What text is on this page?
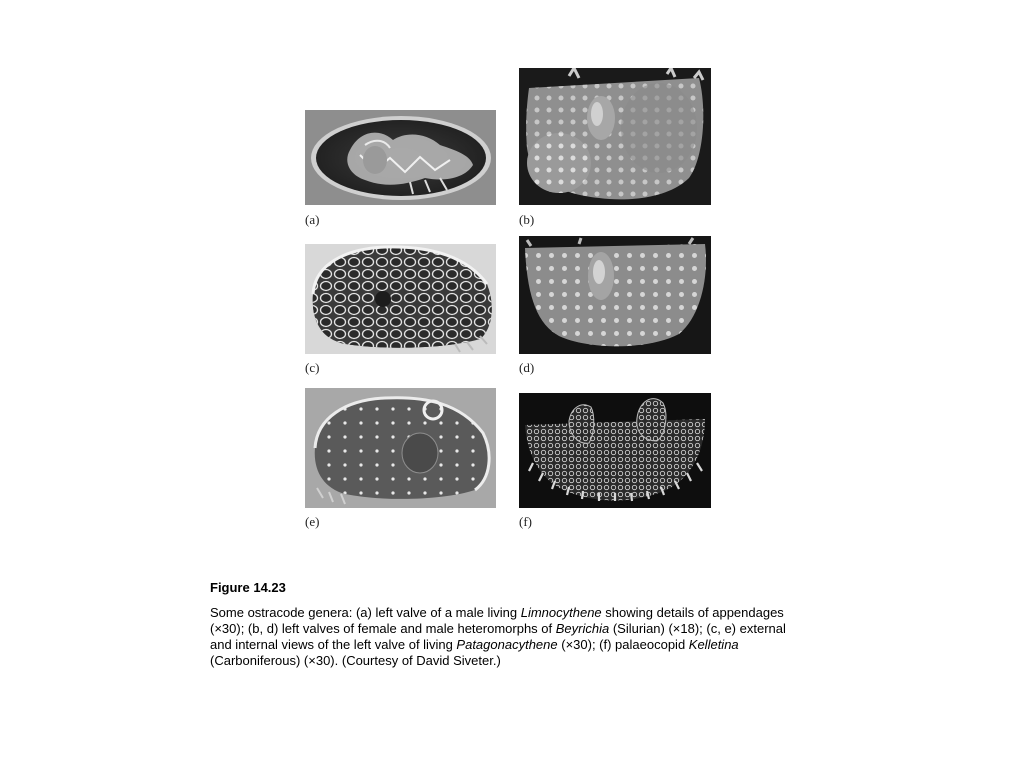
(a)	(b)
(c)	(d)
(e)	(f)
Figure 14.23
Some ostracode genera: (a) left valve of a male living Limnocythene showing details of appendages (×30); (b, d) left valves of female and male heteromorphs of Beyrichia (Silurian) (×18); (c, e) external and internal views of the left valve of living Patagonacythene (×30); (f) palaeocopid Kelletina (Carboniferous) (×30). (Courtesy of David Siveter.)
